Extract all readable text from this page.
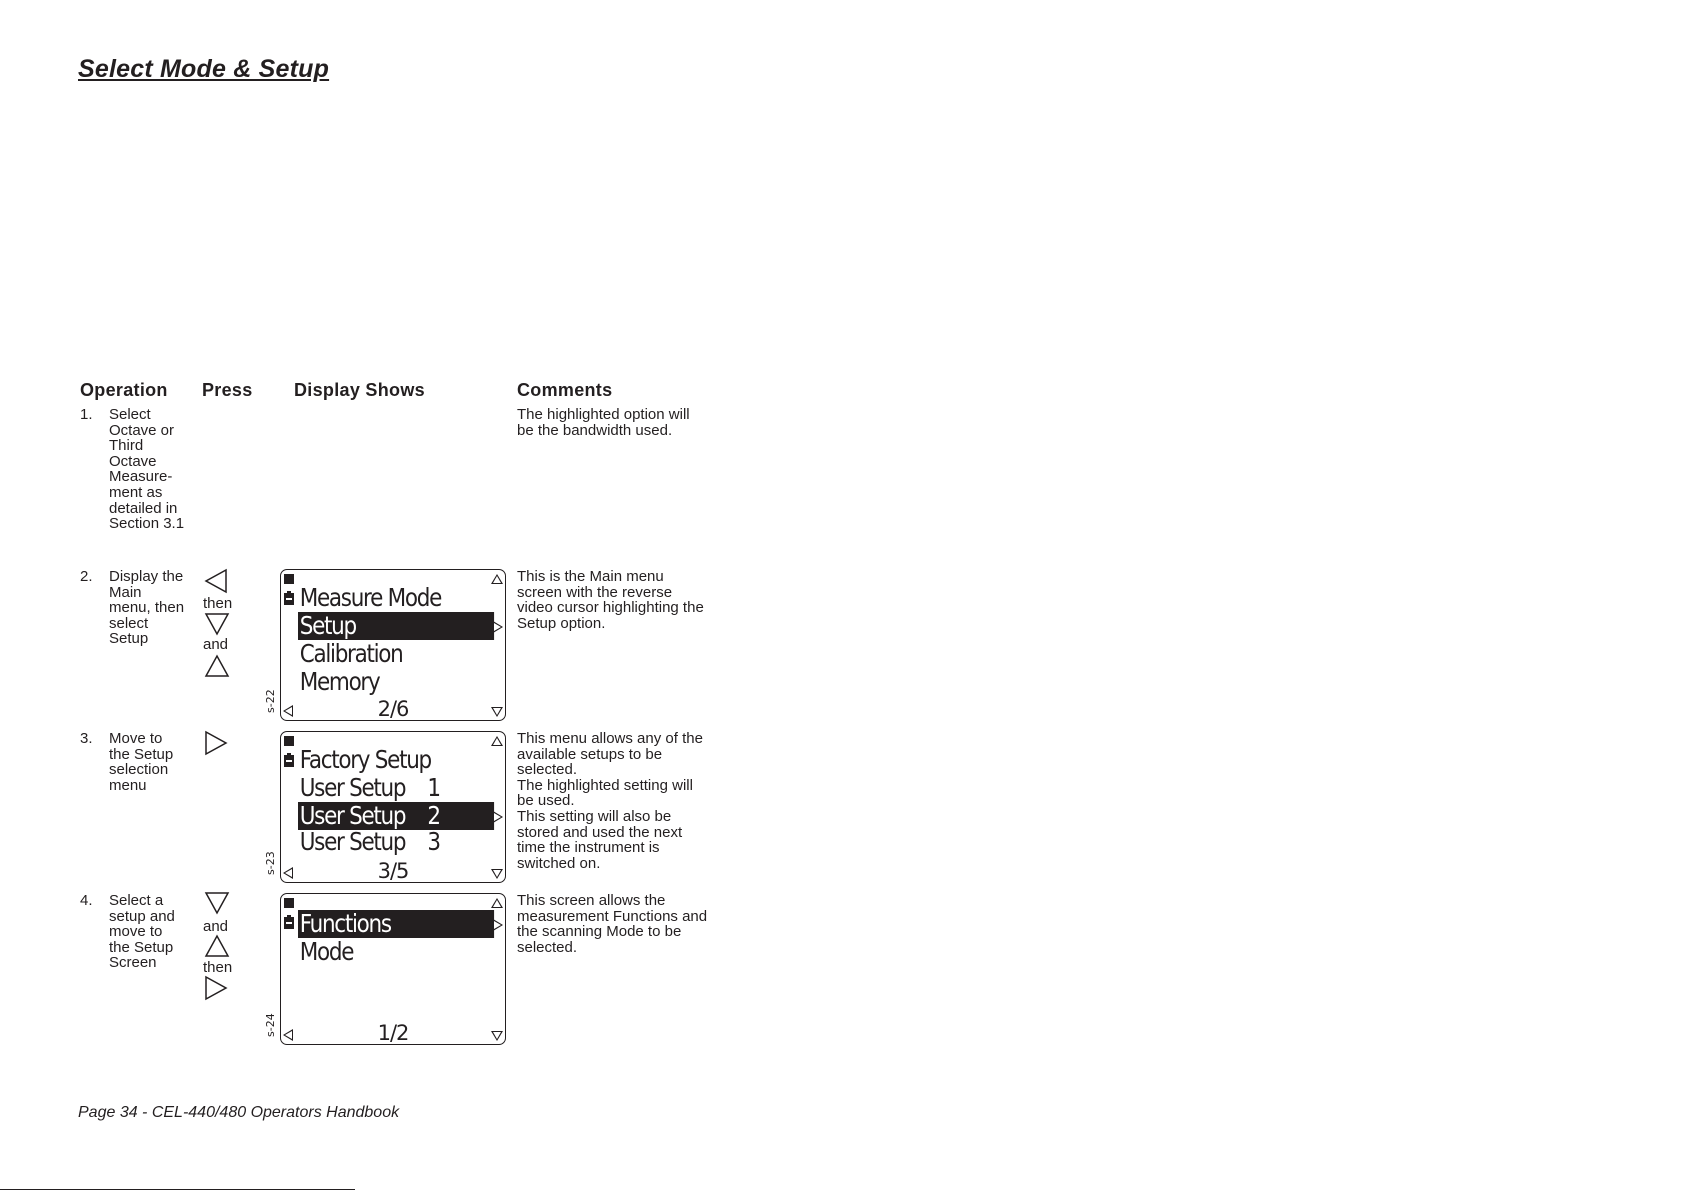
Select Mode & Setup
Operation Press Display Shows	Comments
1. Select
Octave or
Third
Octave
Measure-
ment as
detailed in
Section 3.1
The highlighted option will
be the bandwidth used.
2. Display the
Main
menu, then
select
Setup
then
and
Measure Mode
Setup
Calibration
Memory
2/6
s-22
This is the Main menu
screen with the reverse
video cursor highlighting the
Setup option.
3. Move to
the Setup
selection
menu
Factory Setup
User Setup    1
User Setup    2
User Setup    3
3/5
s-23
This menu allows any of the
available setups to be
selected.
The highlighted setting will
be used.
This setting will also be
stored and used the next
time the instrument is
switched on.
4. Select a
setup and
move to
the Setup
Screen
and
then
Functions
Mode
1/2
s-24
This screen allows the
measurement Functions and
the scanning Mode to be
selected.
Page 34 - CEL-440/480 Operators Handbook
